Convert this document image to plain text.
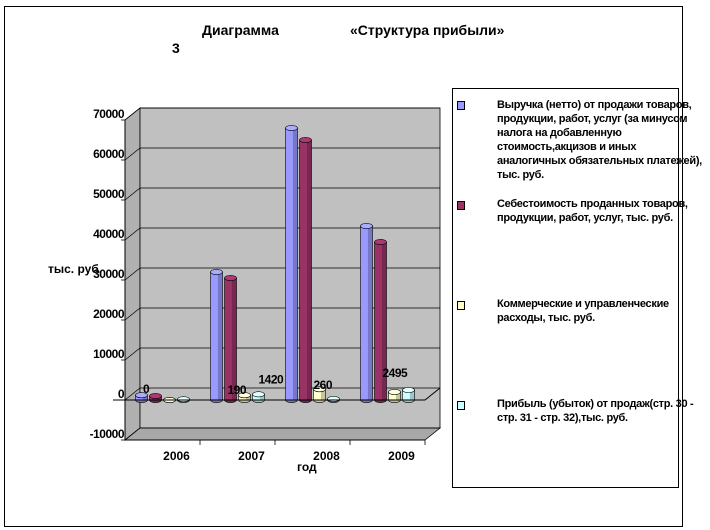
Диаграмма	«Структура прибыли»
3
-10000
0
10000
20000
30000
40000
50000
60000
70000
2006	2007	2008	2009
190
1420	260
2495
0
тыс. руб.
год
Выручка (нетто) от продажи товаров, продукции, работ, услуг (за минусом налога на добавленную стоимость,акцизов и иных аналогичных обязательных платежей), тыс. руб.
Себестоимость проданных товаров, продукции, работ, услуг, тыс. руб.
Коммерческие и управленческие расходы, тыс. руб.
Прибыль (убыток) от продаж(стр. 30 - стр. 31 - стр. 32),тыс. руб.
